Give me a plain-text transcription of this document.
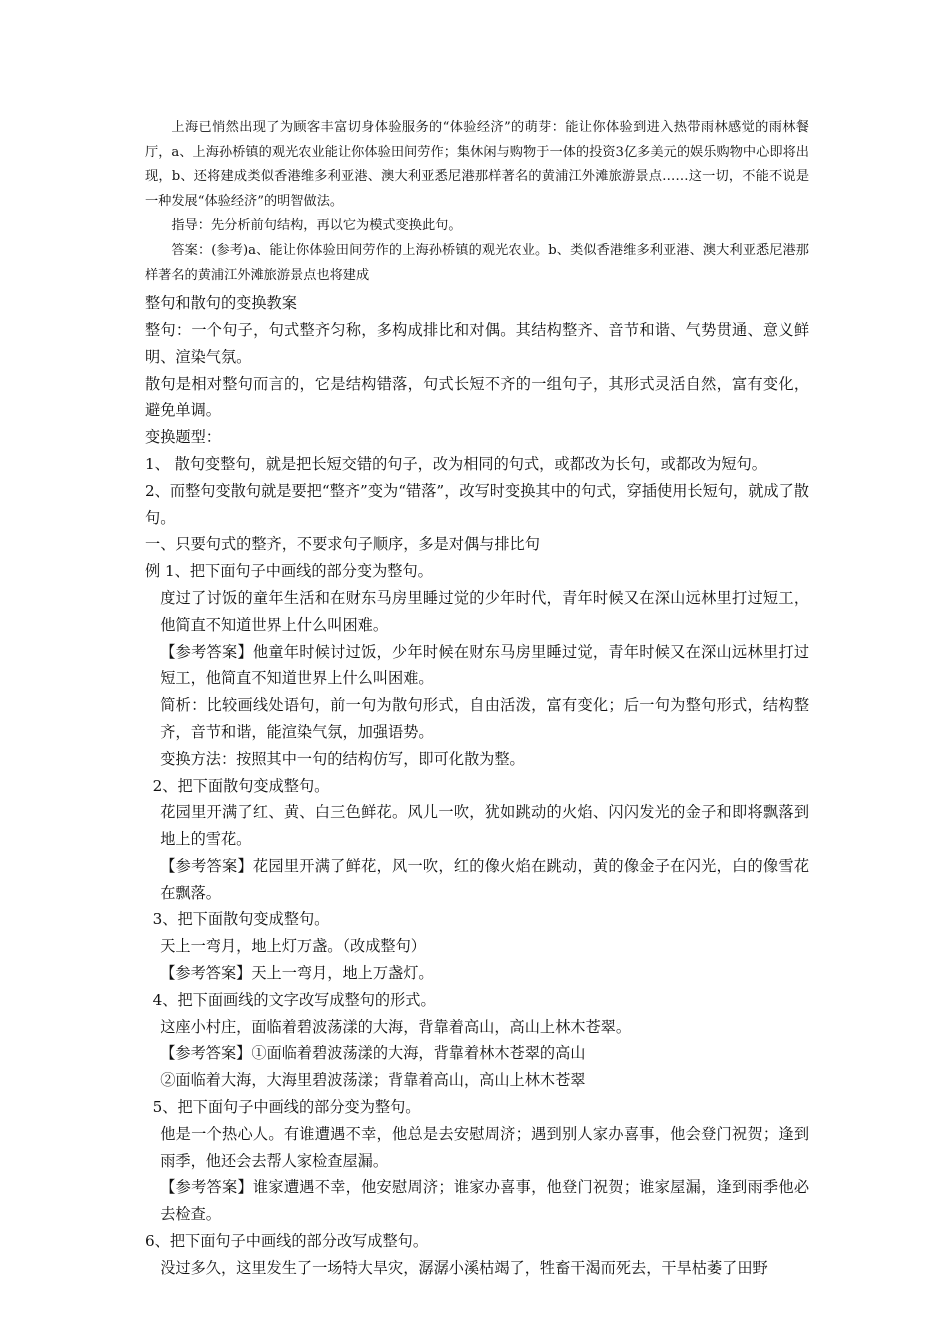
上海已悄然出现了为顾客丰富切身体验服务的“体验经济”的萌芽：能让你体验到进入热带雨林感觉的雨林餐厅，a、上海孙桥镇的观光农业能让你体验田间劳作；集休闲与购物于一体的投资3亿多美元的娱乐购物中心即将出现，b、还将建成类似香港维多利亚港、澳大利亚悉尼港那样著名的黄浦江外滩旅游景点……这一切，不能不说是一种发展“体验经济”的明智做法。

指导：先分析前句结构，再以它为模式变换此句。

答案：(参考)a、能让你体验田间劳作的上海孙桥镇的观光农业。b、类似香港维多利亚港、澳大利亚悉尼港那样著名的黄浦江外滩旅游景点也将建成

整句和散句的变换教案

整句：一个句子，句式整齐匀称，多构成排比和对偶。其结构整齐、音节和谐、气势贯通、意义鲜明、渲染气氛。

散句是相对整句而言的，它是结构错落，句式长短不齐的一组句子，其形式灵活自然，富有变化，避免单调。

变换题型：

1、 散句变整句，就是把长短交错的句子，改为相同的句式，或都改为长句，或都改为短句。

2、而整句变散句就是要把“整齐”变为“错落”，改写时变换其中的句式，穿插使用长短句，就成了散句。

一、只要句式的整齐，不要求句子顺序，多是对偶与排比句

例 1、把下面句子中画线的部分变为整句。

度过了讨饭的童年生活和在财东马房里睡过觉的少年时代，青年时候又在深山远林里打过短工，他简直不知道世界上什么叫困难。

【参考答案】他童年时候讨过饭，少年时候在财东马房里睡过觉，青年时候又在深山远林里打过短工，他简直不知道世界上什么叫困难。

简析：比较画线处语句，前一句为散句形式，自由活泼，富有变化；后一句为整句形式，结构整齐，音节和谐，能渲染气氛，加强语势。

变换方法：按照其中一句的结构仿写，即可化散为整。

2、把下面散句变成整句。

花园里开满了红、黄、白三色鲜花。风儿一吹，犹如跳动的火焰、闪闪发光的金子和即将飘落到地上的雪花。

【参考答案】花园里开满了鲜花，风一吹，红的像火焰在跳动，黄的像金子在闪光，白的像雪花在飘落。

3、把下面散句变成整句。

天上一弯月，地上灯万盏。（改成整句）

【参考答案】天上一弯月，地上万盏灯。

4、把下面画线的文字改写成整句的形式。

这座小村庄，面临着碧波荡漾的大海，背靠着高山，高山上林木苍翠。

【参考答案】①面临着碧波荡漾的大海，背靠着林木苍翠的高山

②面临着大海，大海里碧波荡漾；背靠着高山，高山上林木苍翠

5、把下面句子中画线的部分变为整句。

他是一个热心人。有谁遭遇不幸，他总是去安慰周济；遇到别人家办喜事，他会登门祝贺；逢到雨季，他还会去帮人家检查屋漏。

【参考答案】谁家遭遇不幸，他安慰周济；谁家办喜事，他登门祝贺；谁家屋漏，逢到雨季他必去检查。

6、把下面句子中画线的部分改写成整句。

没过多久，这里发生了一场特大旱灾，潺潺小溪枯竭了，牲畜干渴而死去，干旱枯萎了田野
